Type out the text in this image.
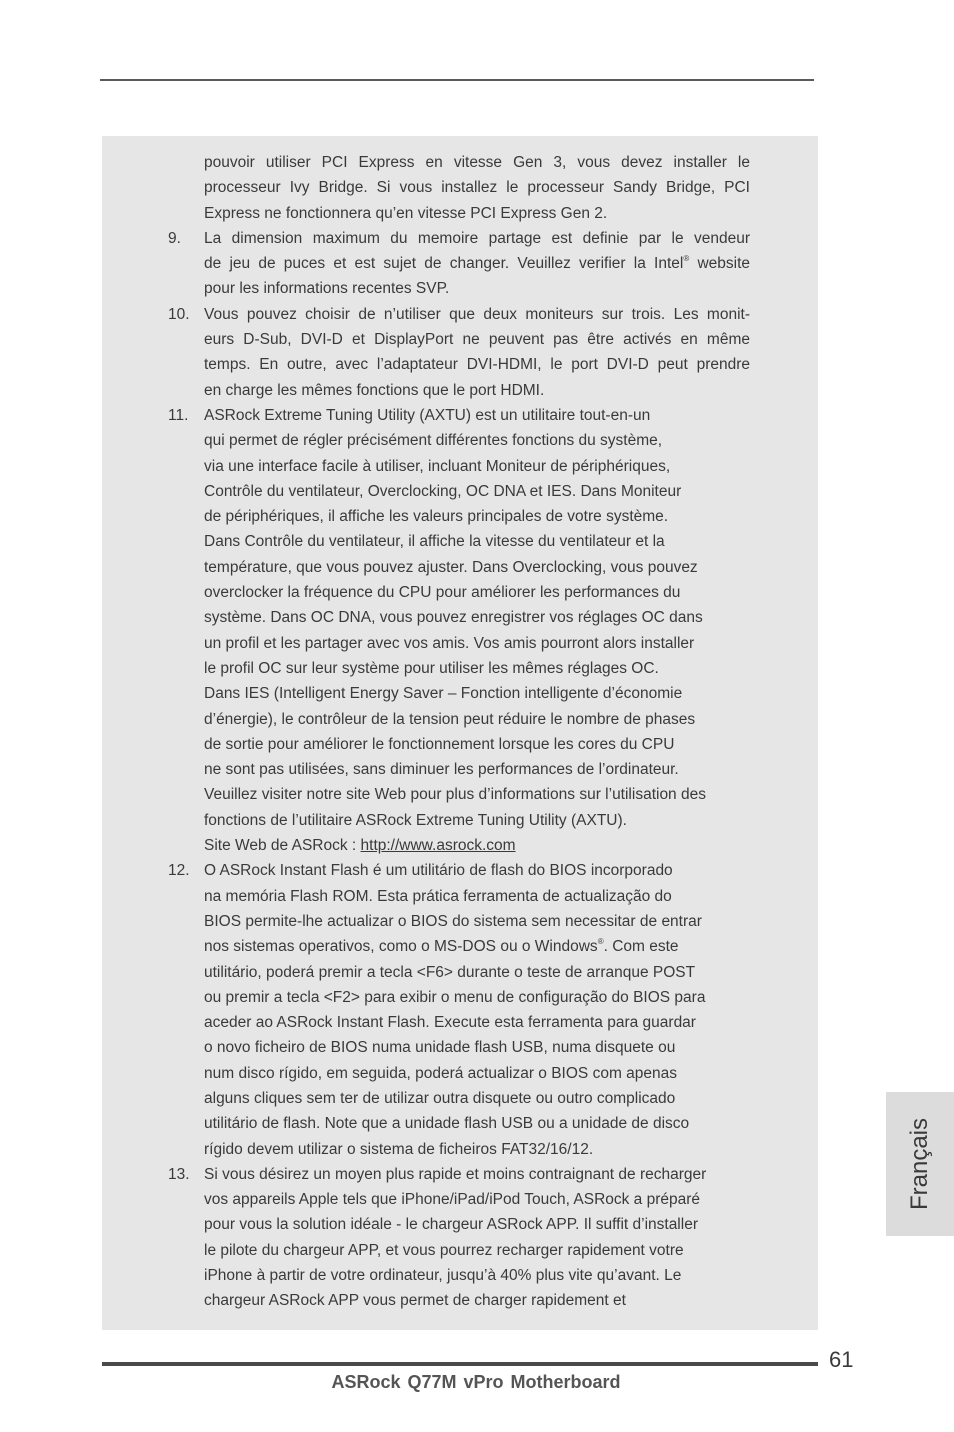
pouvoir utiliser PCI Express en vitesse Gen 3, vous devez installer le
processeur Ivy Bridge. Si vous installez le processeur Sandy Bridge, PCI
Express ne fonctionnera qu’en vitesse PCI Express Gen 2.
9.	La dimension maximum du memoire partage est definie par le vendeur
de jeu de puces et est sujet de changer. Veuillez verifier la Intel® website
pour les informations recentes SVP.
10. Vous pouvez choisir de n’utiliser que deux moniteurs sur trois. Les monit-
eurs D-Sub, DVI-D et DisplayPort ne peuvent pas être activés en même
temps. En outre, avec l’adaptateur DVI-HDMI, le port DVI-D peut prendre
en charge les mêmes fonctions que le port HDMI.
11.	ASRock Extreme Tuning Utility (AXTU) est un utilitaire tout-en-un
qui permet de régler précisément différentes fonctions du système,
via une interface facile à utiliser, incluant Moniteur de périphériques,
Contrôle du ventilateur, Overclocking, OC DNA et IES. Dans Moniteur
de périphériques, il affiche les valeurs principales de votre système.
Dans Contrôle du ventilateur, il affiche la vitesse du ventilateur et la
température, que vous pouvez ajuster. Dans Overclocking, vous pouvez
overclocker la fréquence du CPU pour améliorer les performances du
système. Dans OC DNA, vous pouvez enregistrer vos réglages OC dans
un profil et les partager avec vos amis. Vos amis pourront alors installer
le profil OC sur leur système pour utiliser les mêmes réglages OC.
Dans IES (Intelligent Energy Saver – Fonction intelligente d’économie
d’énergie), le contrôleur de la tension peut réduire le nombre de phases
de sortie pour améliorer le fonctionnement lorsque les cores du CPU
ne sont pas utilisées, sans diminuer les performances de l’ordinateur.
Veuillez visiter notre site Web pour plus d’informations sur l’utilisation des
fonctions de l’utilitaire ASRock Extreme Tuning Utility (AXTU).
Site Web de ASRock : http://www.asrock.com
12. O ASRock Instant Flash é um utilitário de flash do BIOS incorporado
na memória Flash ROM. Esta prática ferramenta de actualização do
BIOS permite-lhe actualizar o BIOS do sistema sem necessitar de entrar
nos sistemas operativos, como o MS-DOS ou o Windows®. Com este
utilitário, poderá premir a tecla <F6> durante o teste de arranque POST
ou premir a tecla <F2> para exibir o menu de configuração do BIOS para
aceder ao ASRock Instant Flash. Execute esta ferramenta para guardar
o novo ficheiro de BIOS numa unidade flash USB, numa disquete ou
num disco rígido, em seguida, poderá actualizar o BIOS com apenas
alguns cliques sem ter de utilizar outra disquete ou outro complicado
utilitário de flash. Note que a unidade flash USB ou a unidade de disco
rígido devem utilizar o sistema de ficheiros FAT32/16/12.
13. Si vous désirez un moyen plus rapide et moins contraignant de recharger
vos appareils Apple tels que iPhone/iPad/iPod Touch, ASRock a préparé
pour vous la solution idéale - le chargeur ASRock APP. Il suffit d’installer
le pilote du chargeur APP, et vous pourrez recharger rapidement votre
iPhone à partir de votre ordinateur, jusqu’à 40% plus vite qu’avant. Le
chargeur ASRock APP vous permet de charger rapidement et
Français
61
ASRock Q77M vPro Motherboard
